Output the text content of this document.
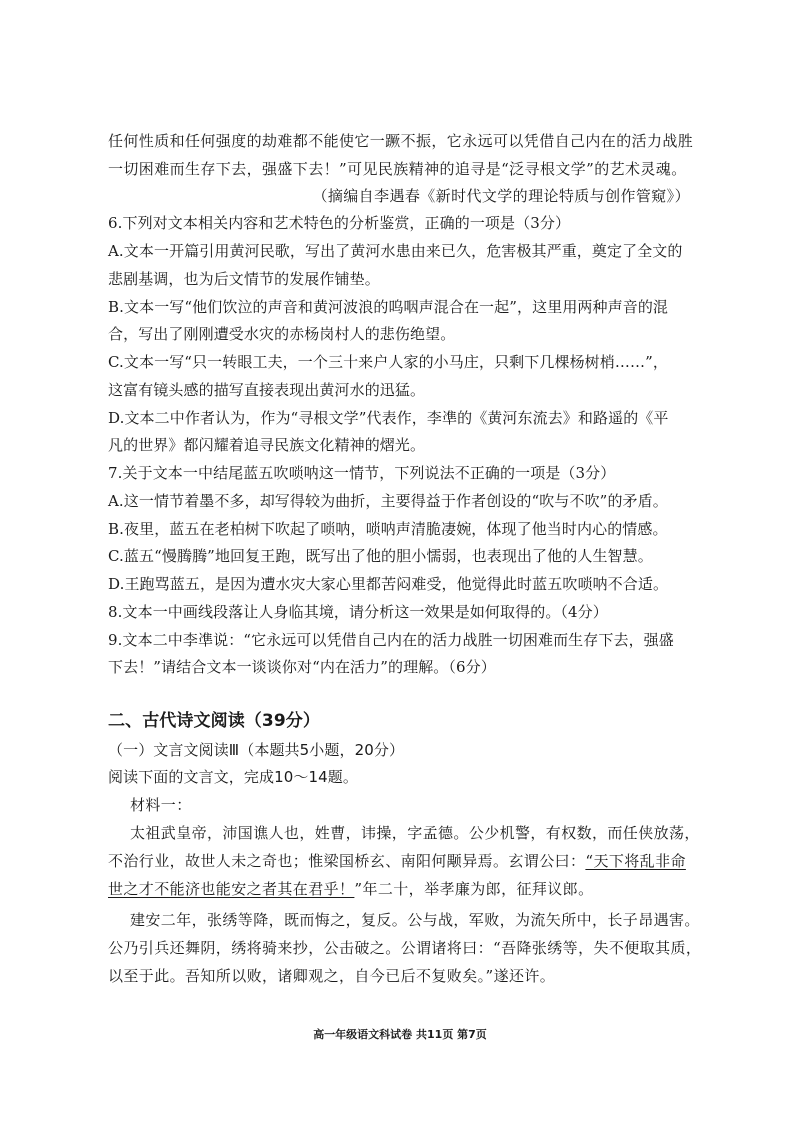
任何性质和任何强度的劫难都不能使它一蹶不振，它永远可以凭借自己内在的活力战胜
一切困难而生存下去，强盛下去！”可见民族精神的追寻是“泛寻根文学”的艺术灵魂。
（摘编自李遇春《新时代文学的理论特质与创作管窥》）
6.下列对文本相关内容和艺术特色的分析鉴赏，正确的一项是（3分）
A.文本一开篇引用黄河民歌，写出了黄河水患由来已久，危害极其严重，奠定了全文的
悲剧基调，也为后文情节的发展作铺垫。
B.文本一写“他们饮泣的声音和黄河波浪的呜咽声混合在一起”，这里用两种声音的混
合，写出了刚刚遭受水灾的赤杨岗村人的悲伤绝望。
C.文本一写“只一转眼工夫，一个三十来户人家的小马庄，只剩下几棵杨树梢……”，
这富有镜头感的描写直接表现出黄河水的迅猛。
D.文本二中作者认为，作为“寻根文学”代表作，李凖的《黄河东流去》和路遥的《平
凡的世界》都闪耀着追寻民族文化精神的熠光。
7.关于文本一中结尾蓝五吹唢呐这一情节，下列说法不正确的一项是（3分）
A.这一情节着墨不多，却写得较为曲折，主要得益于作者创设的“吹与不吹”的矛盾。
B.夜里，蓝五在老柏树下吹起了唢呐，唢呐声清脆凄婉，体现了他当时内心的情感。
C.蓝五“慢腾腾”地回复王跑，既写出了他的胆小懦弱，也表现出了他的人生智慧。
D.王跑骂蓝五，是因为遭水灾大家心里都苦闷难受，他觉得此时蓝五吹唢呐不合适。
8.文本一中画线段落让人身临其境，请分析这一效果是如何取得的。（4分）
9.文本二中李凖说：“它永远可以凭借自己内在的活力战胜一切困难而生存下去，强盛
下去！”请结合文本一谈谈你对“内在活力”的理解。（6分）
二、古代诗文阅读（39分）
（一）文言文阅读Ⅲ（本题共5小题，20分）
阅读下面的文言文，完成10～14题。
材料一：
太祖武皇帝，沛国谯人也，姓曹，讳操，字孟德。公少机警，有权数，而任侠放荡，
不治行业，故世人未之奇也；惟梁国桥玄、南阳何颙异焉。玄谓公曰：“天下将乱非命
世之才不能济也能安之者其在君乎！”年二十，举孝廉为郎，征拜议郎。
建安二年，张绣等降，既而悔之，复反。公与战，军败，为流矢所中，长子昂遇害。
公乃引兵还舞阴，绣将骑来抄，公击破之。公谓诸将曰：“吾降张绣等，失不便取其质，
以至于此。吾知所以败，诸卿观之，自今已后不复败矣。”遂还许。
高一年级语文科试卷 共11页 第7页
